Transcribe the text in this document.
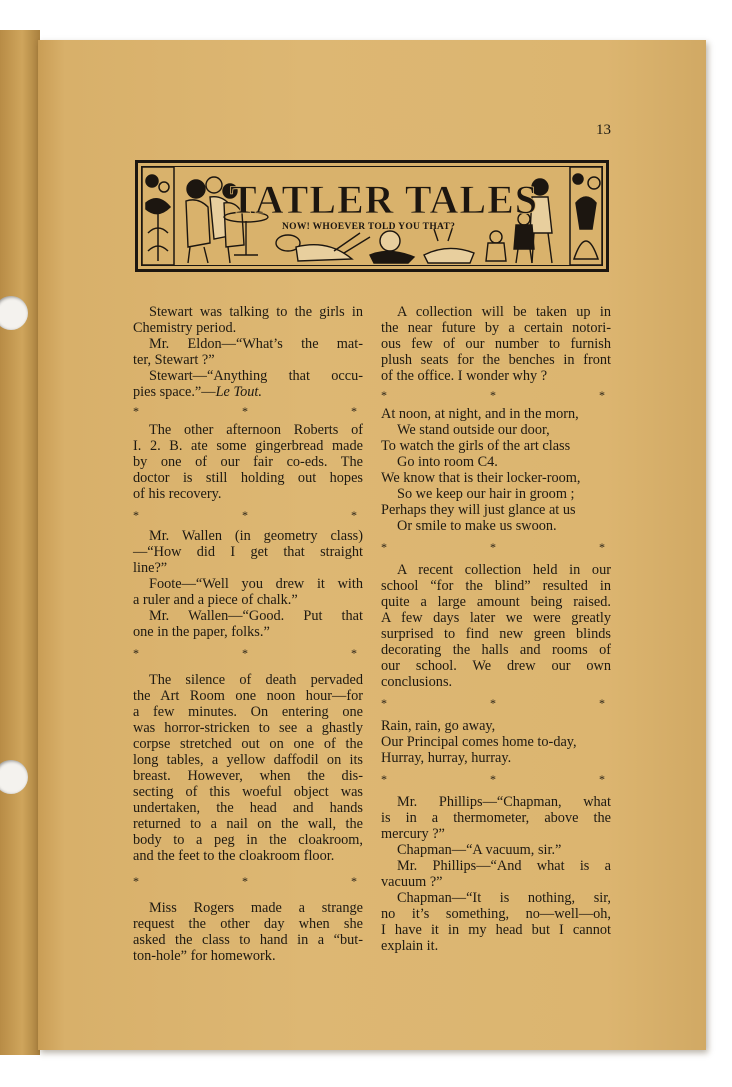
13
TATLER TALES
NOW! WHOEVER TOLD YOU THAT?

Stewart was talking to the girls in

Chemistry period.

Mr. Eldon—“What’s the mat-

ter, Stewart ?”

Stewart—“Anything that occu-

pies space.”—Le Tout.

* * *

The other afternoon Roberts of

I. 2. B. ate some gingerbread made

by one of our fair co-eds. The

doctor is still holding out hopes

of his recovery.

* * *

Mr. Wallen (in geometry class)

—“How did I get that straight

line?”

Foote—“Well you drew it with

a ruler and a piece of chalk.”

Mr. Wallen—“Good. Put that

one in the paper, folks.”

* * *

The silence of death pervaded

the Art Room one noon hour—for

a few minutes. On entering one

was horror-stricken to see a ghastly

corpse stretched out on one of the

long tables, a yellow daffodil on its

breast. However, when the dis-

secting of this woeful object was

undertaken, the head and hands

returned to a nail on the wall, the

body to a peg in the cloakroom,

and the feet to the cloakroom floor.

* * *

Miss Rogers made a strange

request the other day when she

asked the class to hand in a “but-

ton-hole” for homework.

A collection will be taken up in

the near future by a certain notori-

ous few of our number to furnish

plush seats for the benches in front

of the office. I wonder why ?

* * *

At noon, at night, and in the morn,

We stand outside our door,

To watch the girls of the art class

Go into room C4.

We know that is their locker-room,

So we keep our hair in groom ;

Perhaps they will just glance at us

Or smile to make us swoon.

* * *

A recent collection held in our

school “for the blind” resulted in

quite a large amount being raised.

A few days later we were greatly

surprised to find new green blinds

decorating the halls and rooms of

our school. We drew our own

conclusions.

* * *

Rain, rain, go away,

Our Principal comes home to-day,

Hurray, hurray, hurray.

* * *

Mr. Phillips—“Chapman, what

is in a thermometer, above the

mercury ?”

Chapman—“A vacuum, sir.”

Mr. Phillips—“And what is a

vacuum ?”

Chapman—“It is nothing, sir,

no it’s something, no—well—oh,

I have it in my head but I cannot

explain it.
